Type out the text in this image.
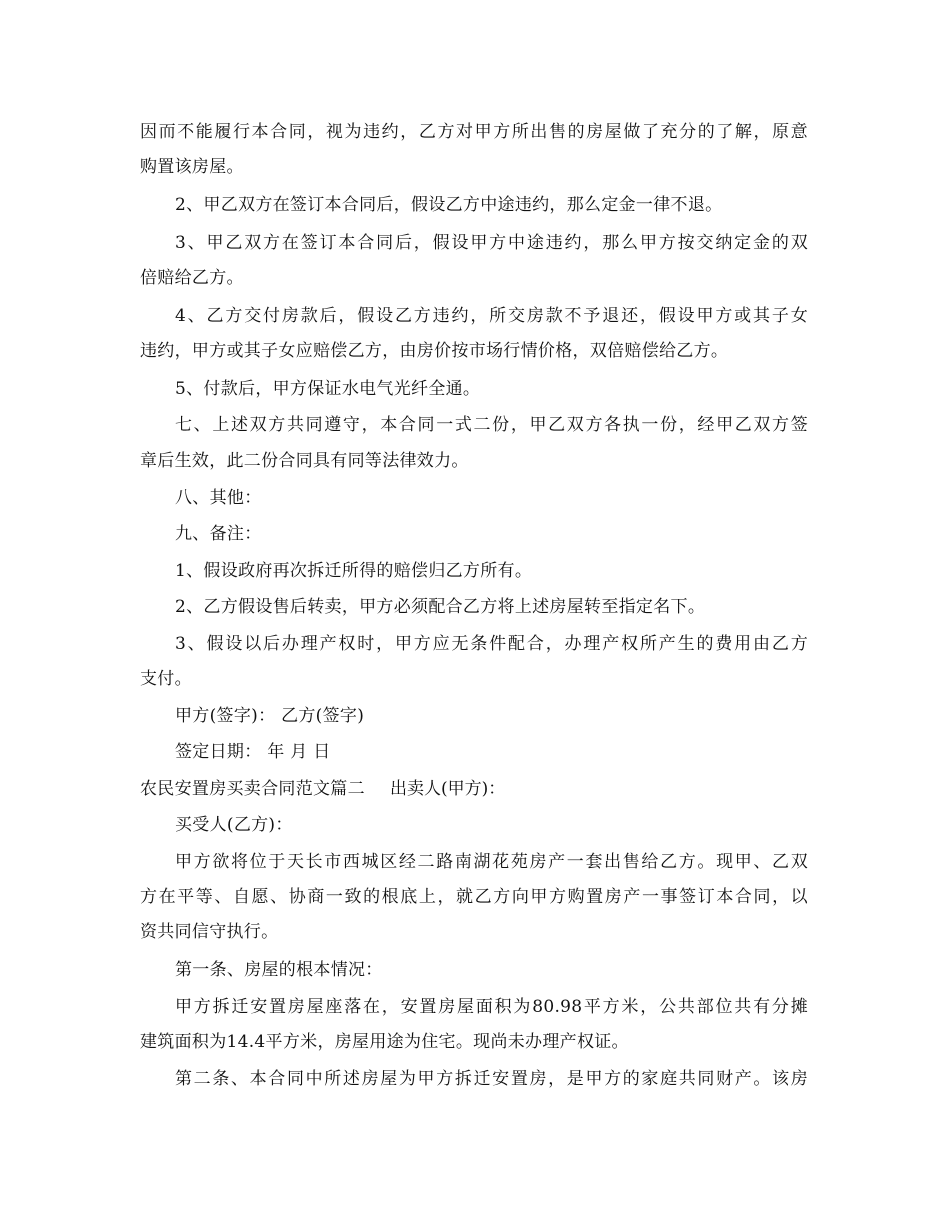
因而不能履行本合同，视为违约，乙方对甲方所出售的房屋做了充分的了解，原意
购置该房屋。
2、甲乙双方在签订本合同后，假设乙方中途违约，那么定金一律不退。
3、甲乙双方在签订本合同后，假设甲方中途违约，那么甲方按交纳定金的双
倍赔给乙方。
4、乙方交付房款后，假设乙方违约，所交房款不予退还，假设甲方或其子女
违约，甲方或其子女应赔偿乙方，由房价按市场行情价格，双倍赔偿给乙方。
5、付款后，甲方保证水电气光纤全通。
七、上述双方共同遵守，本合同一式二份，甲乙双方各执一份，经甲乙双方签
章后生效，此二份合同具有同等法律效力。
八、其他：
九、备注：
1、假设政府再次拆迁所得的赔偿归乙方所有。
2、乙方假设售后转卖，甲方必须配合乙方将上述房屋转至指定名下。
3、假设以后办理产权时，甲方应无条件配合，办理产权所产生的费用由乙方
支付。
甲方(签字)： 乙方(签字)
签定日期： 年 月 日
农民安置房买卖合同范文篇二	出卖人(甲方)：
买受人(乙方)：
甲方欲将位于天长市西城区经二路南湖花苑房产一套出售给乙方。现甲、乙双
方在平等、自愿、协商一致的根底上，就乙方向甲方购置房产一事签订本合同，以
资共同信守执行。
第一条、房屋的根本情况：
甲方拆迁安置房屋座落在，安置房屋面积为80.98平方米，公共部位共有分摊
建筑面积为14.4平方米，房屋用途为住宅。现尚未办理产权证。
第二条、本合同中所述房屋为甲方拆迁安置房，是甲方的家庭共同财产。该房
